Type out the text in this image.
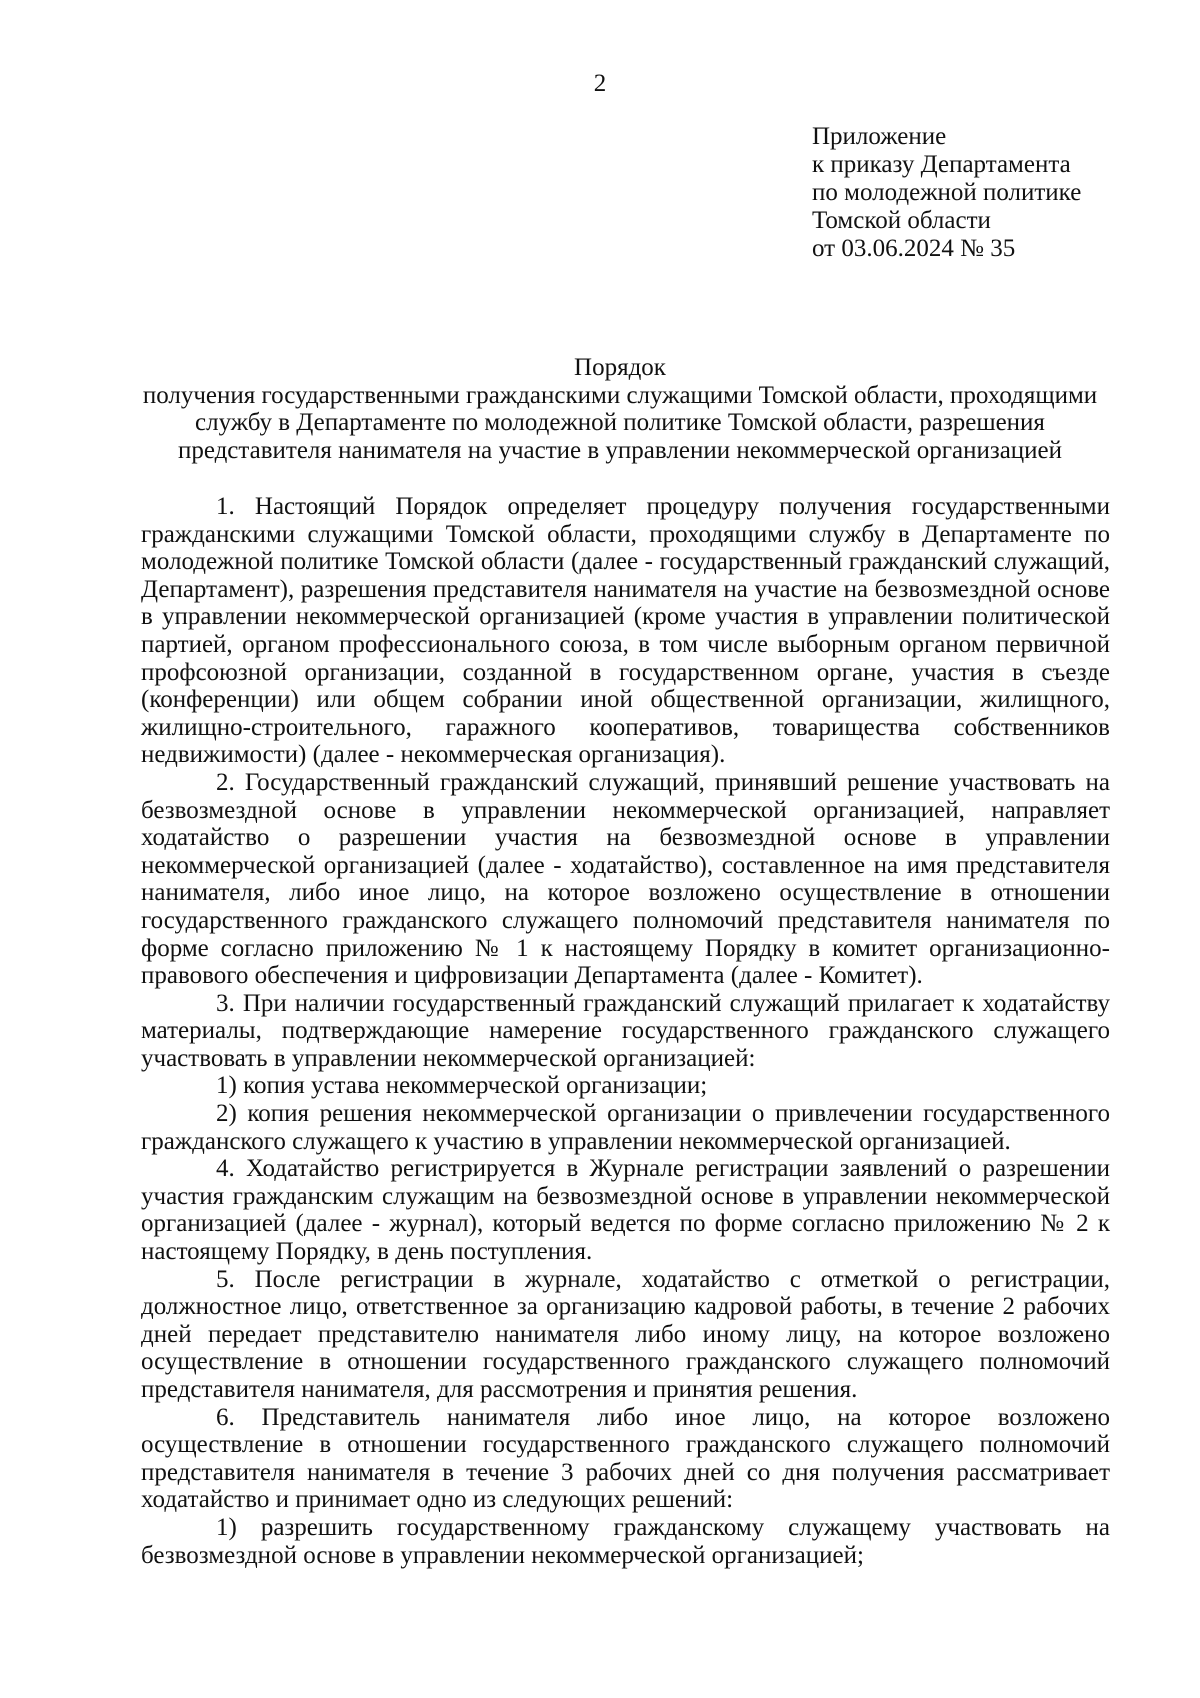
2
Приложение
к приказу Департамента
по молодежной политике
Томской области
от 03.06.2024 № 35
Порядок
получения государственными гражданскими служащими Томской области, проходящими
службу в Департаменте по молодежной политике Томской области, разрешения
представителя нанимателя на участие в управлении некоммерческой организацией

1. Настоящий Порядок определяет процедуру получения государственными гражданскими служащими Томской области, проходящими службу в Департаменте по молодежной политике Томской области (далее - государственный гражданский служащий, Департамент), разрешения представителя нанимателя на участие на безвозмездной основе в управлении некоммерческой организацией (кроме участия в управлении политической партией, органом профессионального союза, в том числе выборным органом первичной профсоюзной организации, созданной в государственном органе, участия в съезде (конференции) или общем собрании иной общественной организации, жилищного, жилищно-строительного, гаражного кооперативов, товарищества собственников недвижимости) (далее - некоммерческая организация).

2. Государственный гражданский служащий, принявший решение участвовать на безвозмездной основе в управлении некоммерческой организацией, направляет ходатайство о разрешении участия на безвозмездной основе в управлении некоммерческой организацией (далее - ходатайство), составленное на имя представителя нанимателя, либо иное лицо, на которое возложено осуществление в отношении государственного гражданского служащего полномочий представителя нанимателя по форме согласно приложению № 1 к настоящему Порядку в комитет организационно-правового обеспечения и цифровизации Департамента (далее - Комитет).

3. При наличии государственный гражданский служащий прилагает к ходатайству материалы, подтверждающие намерение государственного гражданского служащего участвовать в управлении некоммерческой организацией:

1) копия устава некоммерческой организации;

2) копия решения некоммерческой организации о привлечении государственного гражданского служащего к участию в управлении некоммерческой организацией.

4. Ходатайство регистрируется в Журнале регистрации заявлений о разрешении участия гражданским служащим на безвозмездной основе в управлении некоммерческой организацией (далее - журнал), который ведется по форме согласно приложению № 2 к настоящему Порядку, в день поступления.

5. После регистрации в журнале, ходатайство с отметкой о регистрации, должностное лицо, ответственное за организацию кадровой работы, в течение 2 рабочих дней передает представителю нанимателя либо иному лицу, на которое возложено осуществление в отношении государственного гражданского служащего полномочий представителя нанимателя, для рассмотрения и принятия решения.

6. Представитель нанимателя либо иное лицо, на которое возложено осуществление в отношении государственного гражданского служащего полномочий представителя нанимателя в течение 3 рабочих дней со дня получения рассматривает ходатайство и принимает одно из следующих решений:

1) разрешить государственному гражданскому служащему участвовать на безвозмездной основе в управлении некоммерческой организацией;
